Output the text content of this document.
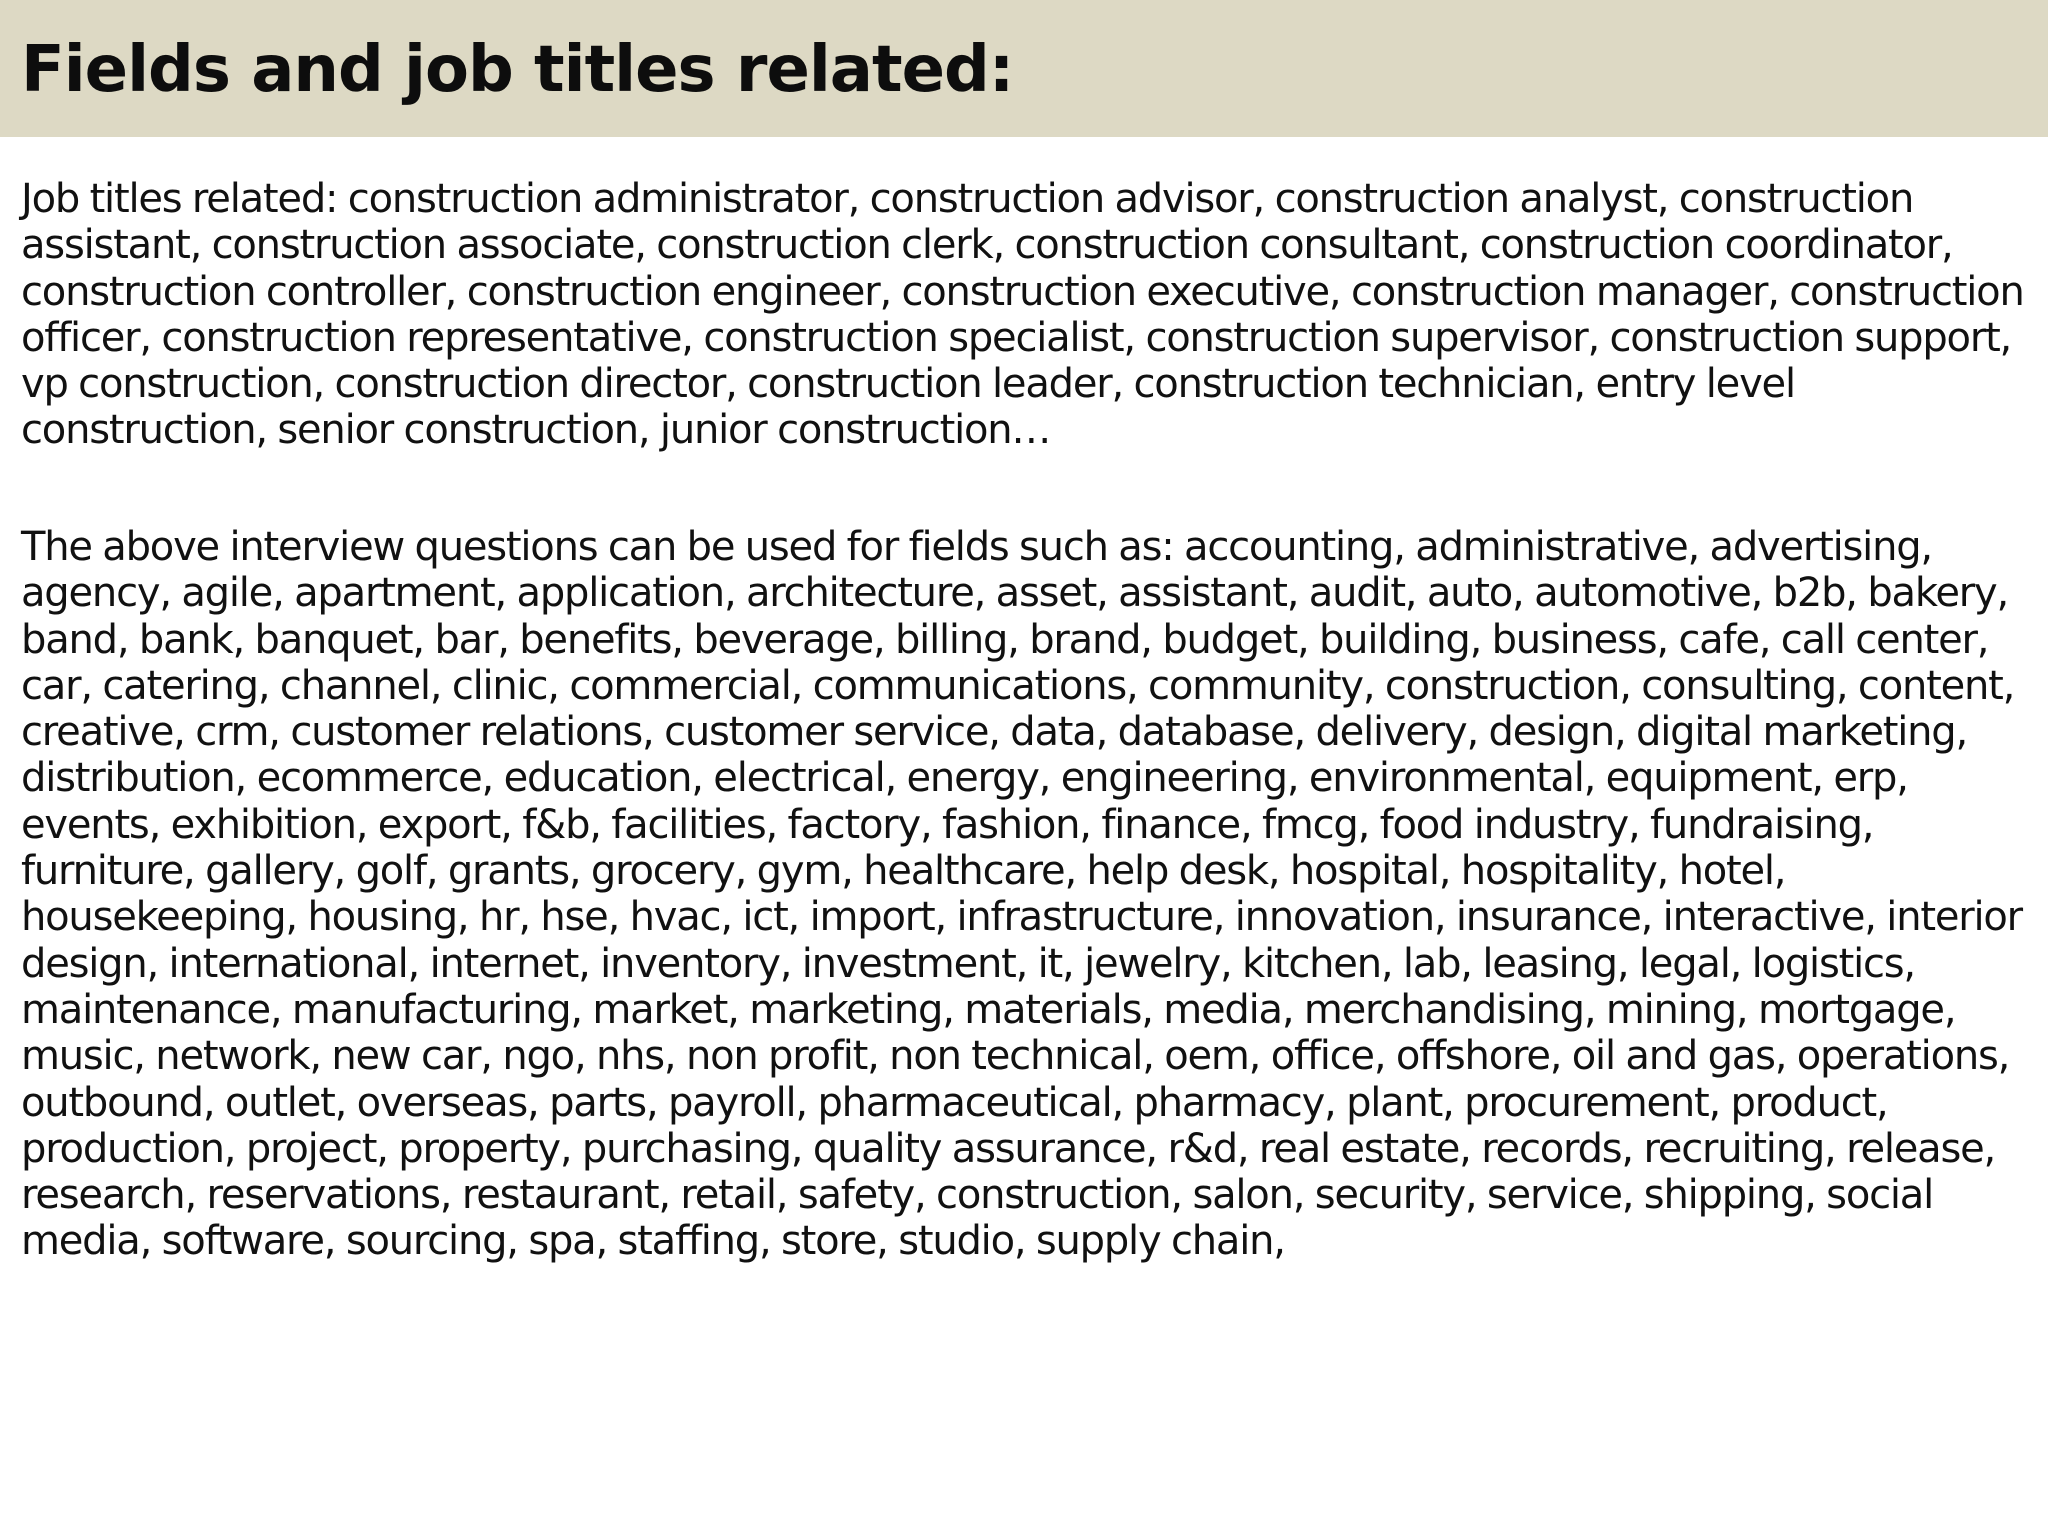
Fields and job titles related:

Job titles related: construction administrator, construction advisor, construction analyst, construction assistant, construction associate, construction clerk, construction consultant, construction coordinator, construction controller, construction engineer, construction executive, construction manager, construction officer, construction representative, construction specialist, construction supervisor, construction support, vp construction, construction director, construction leader, construction technician, entry level construction, senior construction, junior construction…

The above interview questions can be used for fields such as: accounting, administrative, advertising, agency, agile, apartment, application, architecture, asset, assistant, audit, auto, automotive, b2b, bakery, band, bank, banquet, bar, benefits, beverage, billing, brand, budget, building, business, cafe, call center, car, catering, channel, clinic, commercial, communications, community, construction, consulting, content, creative, crm, customer relations, customer service, data, database, delivery, design, digital marketing, distribution, ecommerce, education, electrical, energy, engineering, environmental, equipment, erp, events, exhibition, export, f&b, facilities, factory, fashion, finance, fmcg, food industry, fundraising, furniture, gallery, golf, grants, grocery, gym, healthcare, help desk, hospital, hospitality, hotel, housekeeping, housing, hr, hse, hvac, ict, import, infrastructure, innovation, insurance, interactive, interior design, international, internet, inventory, investment, it, jewelry, kitchen, lab, leasing, legal, logistics, maintenance, manufacturing, market, marketing, materials, media, merchandising, mining, mortgage, music, network, new car, ngo, nhs, non profit, non technical, oem, office, offshore, oil and gas, operations, outbound, outlet, overseas, parts, payroll, pharmaceutical, pharmacy, plant, procurement, product, production, project, property, purchasing, quality assurance, r&d, real estate, records, recruiting, release, research, reservations, restaurant, retail, safety, construction, salon, security, service, shipping, social media, software, sourcing, spa, staffing, store, studio, supply chain,
